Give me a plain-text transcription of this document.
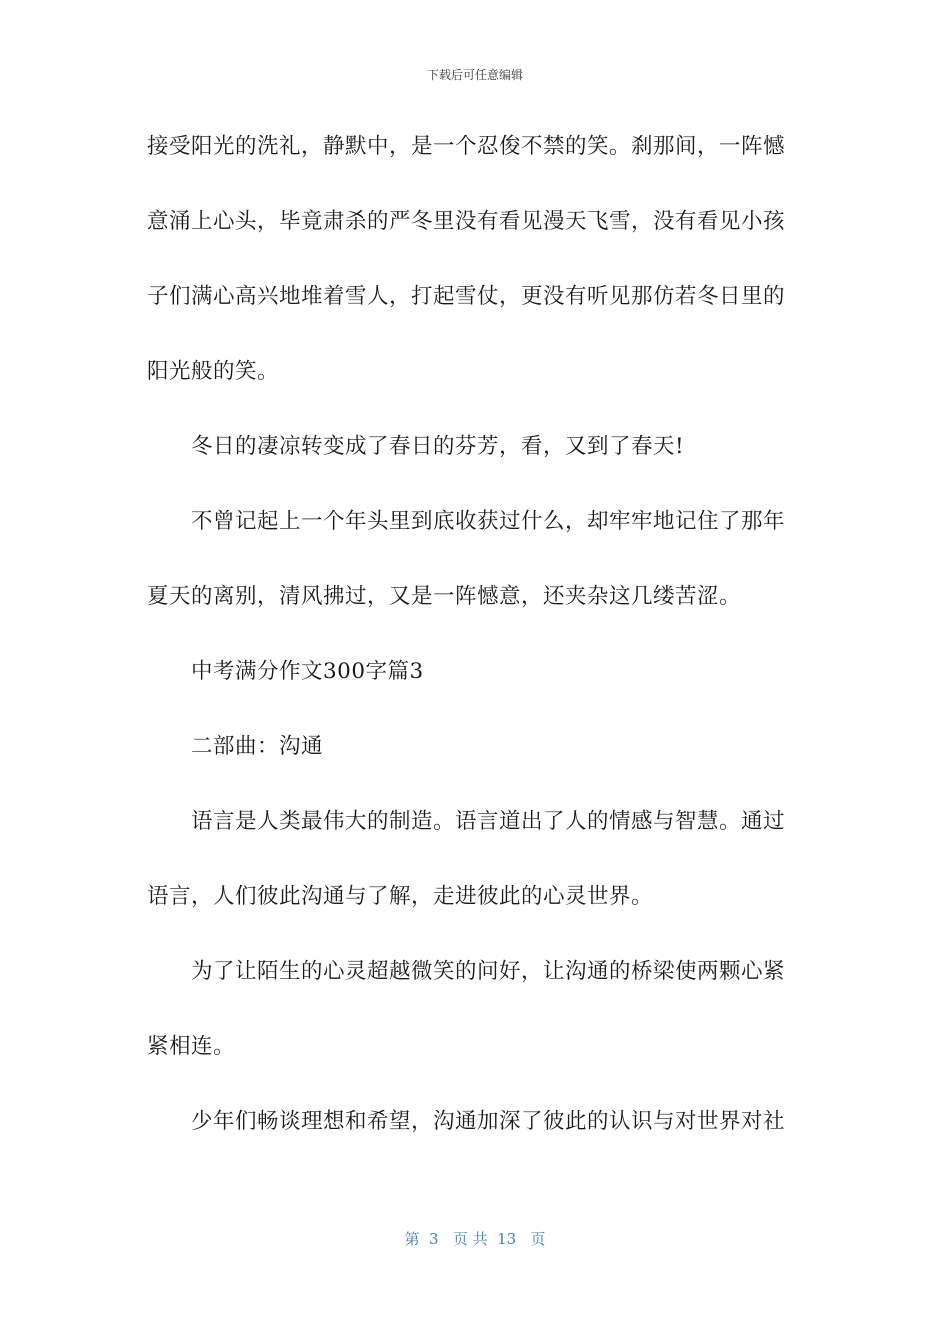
下载后可任意编辑
接受阳光的洗礼，静默中，是一个忍俊不禁的笑。刹那间，一阵憾
意涌上心头，毕竟肃杀的严冬里没有看见漫天飞雪，没有看见小孩
子们满心高兴地堆着雪人，打起雪仗，更没有听见那仿若冬日里的
阳光般的笑。
冬日的凄凉转变成了春日的芬芳，看，又到了春天!
不曾记起上一个年头里到底收获过什么，却牢牢地记住了那年
夏天的离别，清风拂过，又是一阵憾意，还夹杂这几缕苦涩。
中考满分作文300字篇3
二部曲：沟通
语言是人类最伟大的制造。语言道出了人的情感与智慧。通过
语言，人们彼此沟通与了解，走进彼此的心灵世界。
为了让陌生的心灵超越微笑的问好，让沟通的桥梁使两颗心紧
紧相连。
少年们畅谈理想和希望，沟通加深了彼此的认识与对世界对社
第  3   页 共  13   页
